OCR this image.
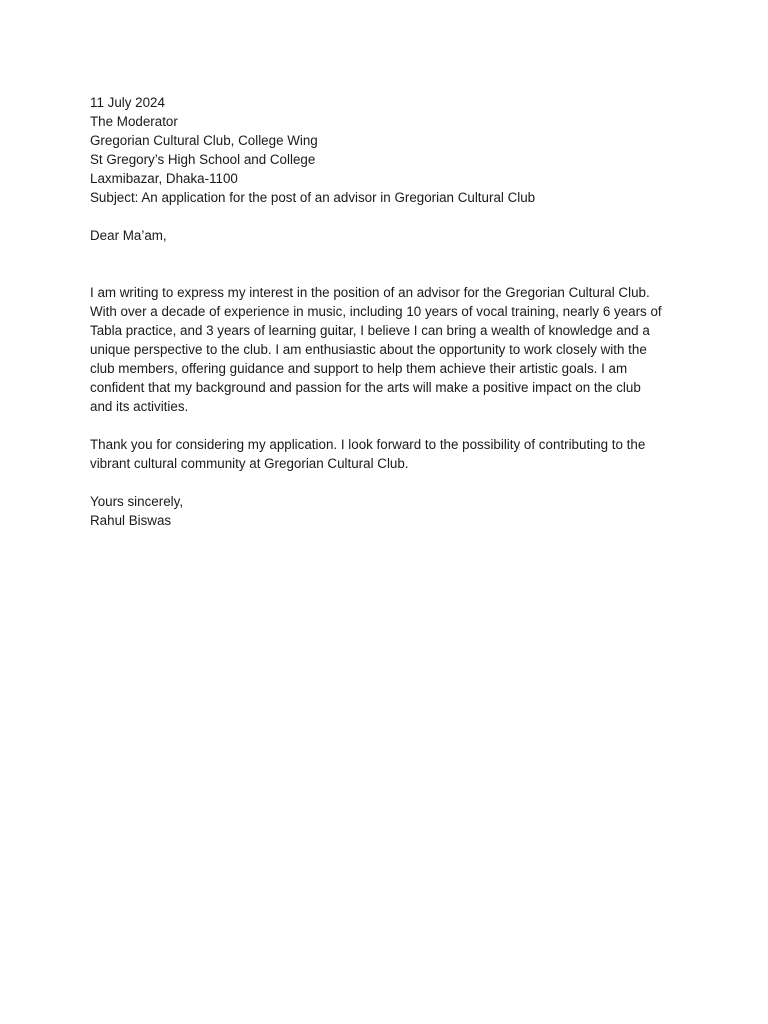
11 July 2024
The Moderator
Gregorian Cultural Club, College Wing
St Gregory’s High School and College
Laxmibazar, Dhaka-1100
Subject: An application for the post of an advisor in Gregorian Cultural Club
Dear Ma’am,
I am writing to express my interest in the position of an advisor for the Gregorian Cultural Club.
With over a decade of experience in music, including 10 years of vocal training, nearly 6 years of
Tabla practice, and 3 years of learning guitar, I believe I can bring a wealth of knowledge and a
unique perspective to the club. I am enthusiastic about the opportunity to work closely with the
club members, offering guidance and support to help them achieve their artistic goals. I am
confident that my background and passion for the arts will make a positive impact on the club
and its activities.
Thank you for considering my application. I look forward to the possibility of contributing to the
vibrant cultural community at Gregorian Cultural Club.
Yours sincerely,
Rahul Biswas
